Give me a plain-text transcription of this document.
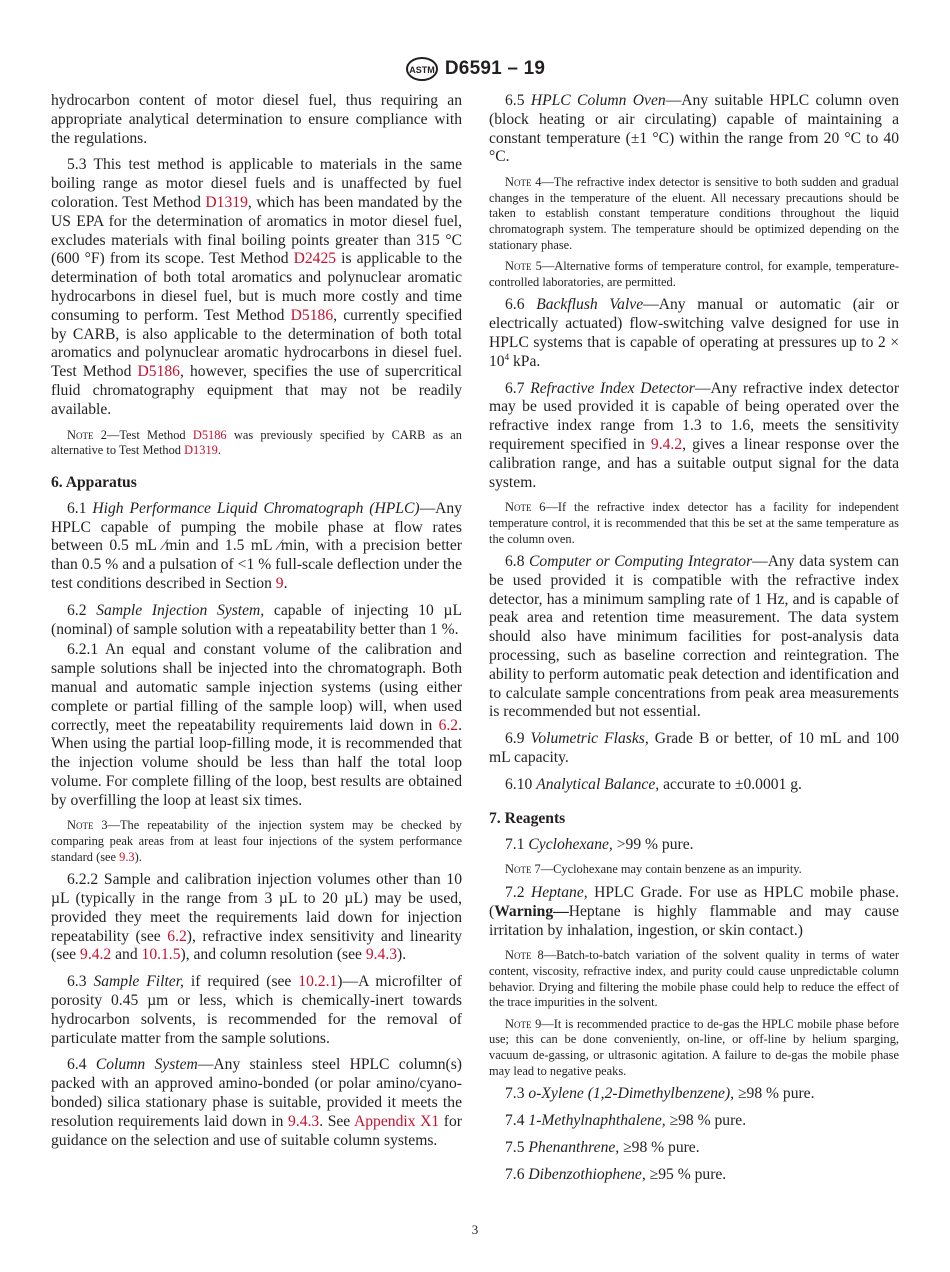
ASTM D6591 – 19

hydrocarbon content of motor diesel fuel, thus requiring an appropriate analytical determination to ensure compliance with the regulations.

5.3 This test method is applicable to materials in the same boiling range as motor diesel fuels and is unaffected by fuel coloration. Test Method D1319, which has been mandated by the US EPA for the determination of aromatics in motor diesel fuel, excludes materials with final boiling points greater than 315 °C (600 °F) from its scope. Test Method D2425 is applicable to the determination of both total aromatics and polynuclear aromatic hydrocarbons in diesel fuel, but is much more costly and time consuming to perform. Test Method D5186, currently specified by CARB, is also applicable to the determination of both total aromatics and polynuclear aromatic hydrocarbons in diesel fuel. Test Method D5186, however, specifies the use of supercritical fluid chromatography equipment that may not be readily available.

Note 2—Test Method D5186 was previously specified by CARB as an alternative to Test Method D1319.

6. Apparatus

6.1 High Performance Liquid Chromatograph (HPLC)—Any HPLC capable of pumping the mobile phase at flow rates between 0.5 mL ⁄min and 1.5 mL ⁄min, with a precision better than 0.5 % and a pulsation of <1 % full-scale deflection under the test conditions described in Section 9.

6.2 Sample Injection System, capable of injecting 10 µL (nominal) of sample solution with a repeatability better than 1 %.

6.2.1 An equal and constant volume of the calibration and sample solutions shall be injected into the chromatograph. Both manual and automatic sample injection systems (using either complete or partial filling of the sample loop) will, when used correctly, meet the repeatability requirements laid down in 6.2. When using the partial loop-filling mode, it is recommended that the injection volume should be less than half the total loop volume. For complete filling of the loop, best results are obtained by overfilling the loop at least six times.

Note 3—The repeatability of the injection system may be checked by comparing peak areas from at least four injections of the system performance standard (see 9.3).

6.2.2 Sample and calibration injection volumes other than 10 µL (typically in the range from 3 µL to 20 µL) may be used, provided they meet the requirements laid down for injection repeatability (see 6.2), refractive index sensitivity and linearity (see 9.4.2 and 10.1.5), and column resolution (see 9.4.3).

6.3 Sample Filter, if required (see 10.2.1)—A microfilter of porosity 0.45 µm or less, which is chemically-inert towards hydrocarbon solvents, is recommended for the removal of particulate matter from the sample solutions.

6.4 Column System—Any stainless steel HPLC column(s) packed with an approved amino-bonded (or polar amino/cyano-bonded) silica stationary phase is suitable, provided it meets the resolution requirements laid down in 9.4.3. See Appendix X1 for guidance on the selection and use of suitable column systems.

6.5 HPLC Column Oven—Any suitable HPLC column oven (block heating or air circulating) capable of maintaining a constant temperature (±1 °C) within the range from 20 °C to 40 °C.

Note 4—The refractive index detector is sensitive to both sudden and gradual changes in the temperature of the eluent. All necessary precautions should be taken to establish constant temperature conditions throughout the liquid chromatograph system. The temperature should be optimized depending on the stationary phase.

Note 5—Alternative forms of temperature control, for example, temperature-controlled laboratories, are permitted.

6.6 Backflush Valve—Any manual or automatic (air or electrically actuated) flow-switching valve designed for use in HPLC systems that is capable of operating at pressures up to $2 \times 10^4$ kPa.

6.7 Refractive Index Detector—Any refractive index detector may be used provided it is capable of being operated over the refractive index range from 1.3 to 1.6, meets the sensitivity requirement specified in 9.4.2, gives a linear response over the calibration range, and has a suitable output signal for the data system.

Note 6—If the refractive index detector has a facility for independent temperature control, it is recommended that this be set at the same temperature as the column oven.

6.8 Computer or Computing Integrator—Any data system can be used provided it is compatible with the refractive index detector, has a minimum sampling rate of 1 Hz, and is capable of peak area and retention time measurement. The data system should also have minimum facilities for post-analysis data processing, such as baseline correction and reintegration. The ability to perform automatic peak detection and identification and to calculate sample concentrations from peak area measurements is recommended but not essential.

6.9 Volumetric Flasks, Grade B or better, of 10 mL and 100 mL capacity.

6.10 Analytical Balance, accurate to ±0.0001 g.

7. Reagents

7.1 Cyclohexane, >99 % pure.

Note 7—Cyclohexane may contain benzene as an impurity.

7.2 Heptane, HPLC Grade. For use as HPLC mobile phase. (Warning—Heptane is highly flammable and may cause irritation by inhalation, ingestion, or skin contact.)

Note 8—Batch-to-batch variation of the solvent quality in terms of water content, viscosity, refractive index, and purity could cause unpredictable column behavior. Drying and filtering the mobile phase could help to reduce the effect of the trace impurities in the solvent.

Note 9—It is recommended practice to de-gas the HPLC mobile phase before use; this can be done conveniently, on-line, or off-line by helium sparging, vacuum de-gassing, or ultrasonic agitation. A failure to de-gas the mobile phase may lead to negative peaks.

7.3 o-Xylene (1,2-Dimethylbenzene), ≥98 % pure.

7.4 1-Methylnaphthalene, ≥98 % pure.

7.5 Phenanthrene, ≥98 % pure.

7.6 Dibenzothiophene, ≥95 % pure.

3
